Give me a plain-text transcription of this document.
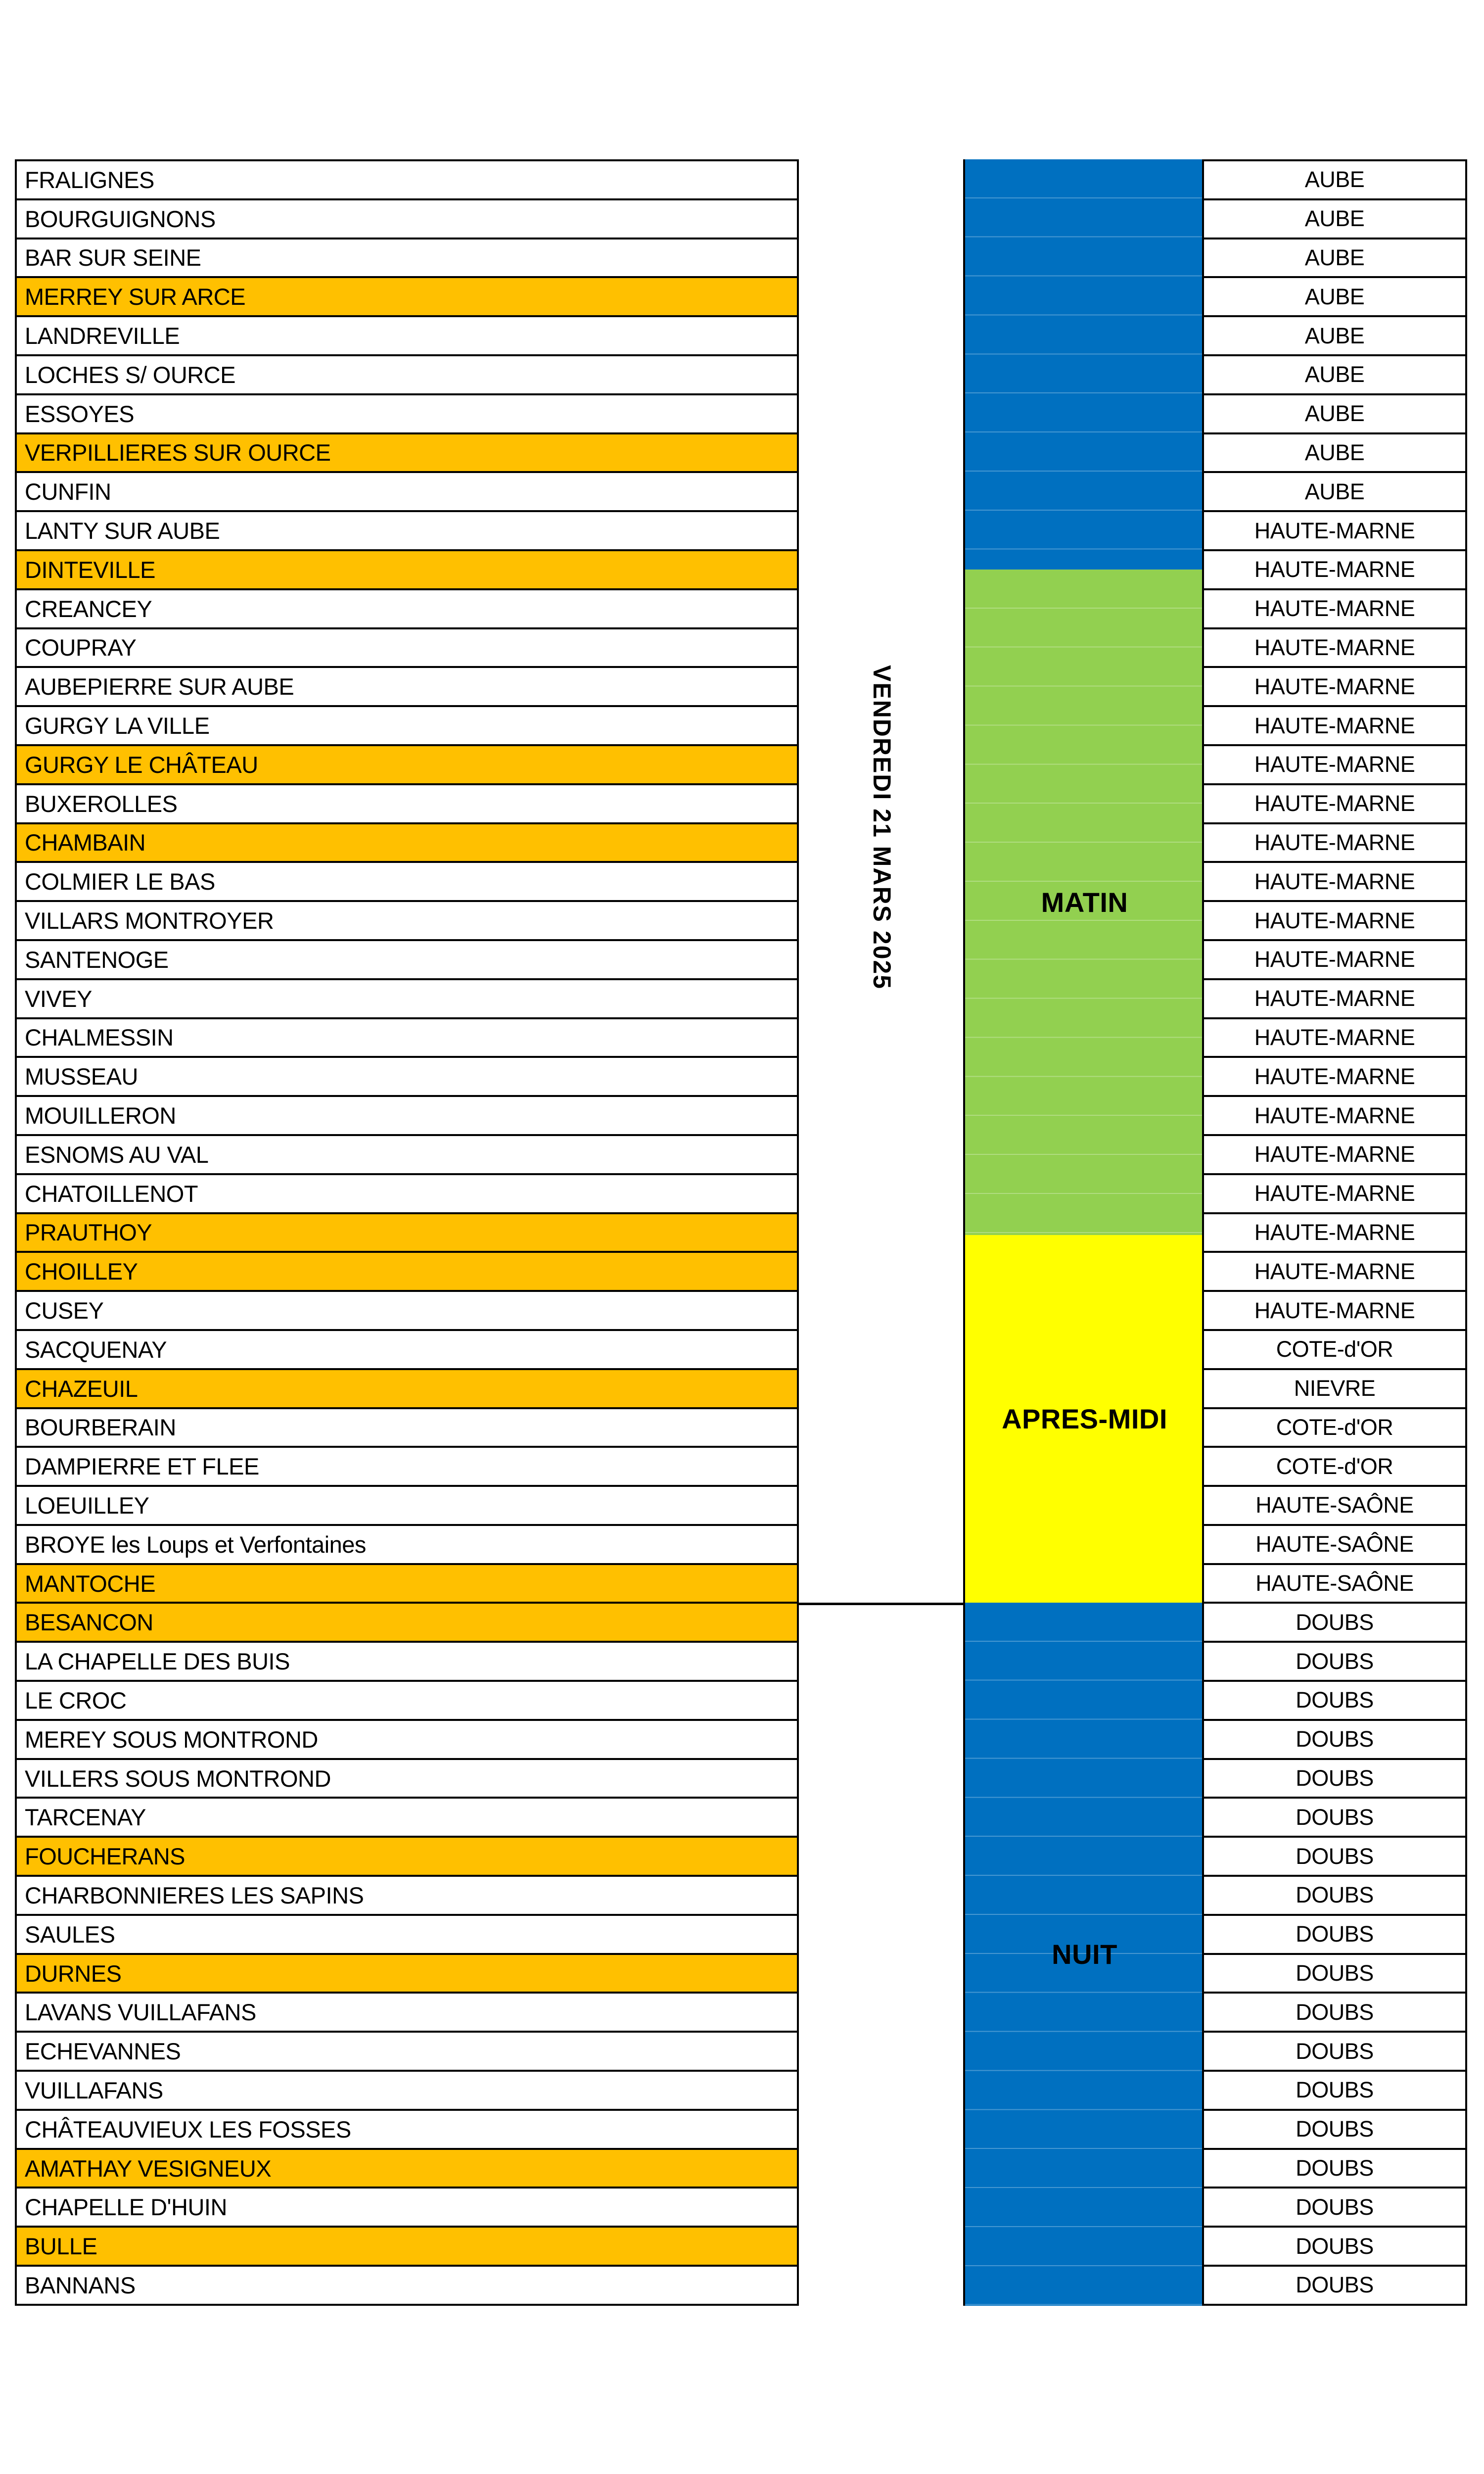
FRALIGNES
BOURGUIGNONS
BAR SUR SEINE
MERREY SUR ARCE
LANDREVILLE
LOCHES S/ OURCE
ESSOYES
VERPILLIERES SUR OURCE
CUNFIN
LANTY SUR AUBE
DINTEVILLE
CREANCEY
COUPRAY
AUBEPIERRE SUR AUBE
GURGY LA VILLE
GURGY LE CHÂTEAU
BUXEROLLES
CHAMBAIN
COLMIER LE BAS
VILLARS MONTROYER
SANTENOGE
VIVEY
CHALMESSIN
MUSSEAU
MOUILLERON
ESNOMS AU VAL
CHATOILLENOT
PRAUTHOY
CHOILLEY
CUSEY
SACQUENAY
CHAZEUIL
BOURBERAIN
DAMPIERRE ET FLEE
LOEUILLEY
BROYE les Loups et Verfontaines
MANTOCHE
BESANCON
LA CHAPELLE DES BUIS
LE CROC
MEREY SOUS MONTROND
VILLERS SOUS MONTROND
TARCENAY
FOUCHERANS
CHARBONNIERES LES SAPINS
SAULES
DURNES
LAVANS VUILLAFANS
ECHEVANNES
VUILLAFANS
CHÂTEAUVIEUX LES FOSSES
AMATHAY VESIGNEUX
CHAPELLE D'HUIN
BULLE
BANNANS
VENDREDI 21 MARS 2025	MATIN
APRES-MIDI
NUIT
AUBE
AUBE
AUBE
AUBE
AUBE
AUBE
AUBE
AUBE
AUBE
HAUTE-MARNE
HAUTE-MARNE
HAUTE-MARNE
HAUTE-MARNE
HAUTE-MARNE
HAUTE-MARNE
HAUTE-MARNE
HAUTE-MARNE
HAUTE-MARNE
HAUTE-MARNE
HAUTE-MARNE
HAUTE-MARNE
HAUTE-MARNE
HAUTE-MARNE
HAUTE-MARNE
HAUTE-MARNE
HAUTE-MARNE
HAUTE-MARNE
HAUTE-MARNE
HAUTE-MARNE
HAUTE-MARNE
COTE-d'OR
NIEVRE
COTE-d'OR
COTE-d'OR
HAUTE-SAÔNE
HAUTE-SAÔNE
HAUTE-SAÔNE
DOUBS
DOUBS
DOUBS
DOUBS
DOUBS
DOUBS
DOUBS
DOUBS
DOUBS
DOUBS
DOUBS
DOUBS
DOUBS
DOUBS
DOUBS
DOUBS
DOUBS
DOUBS
